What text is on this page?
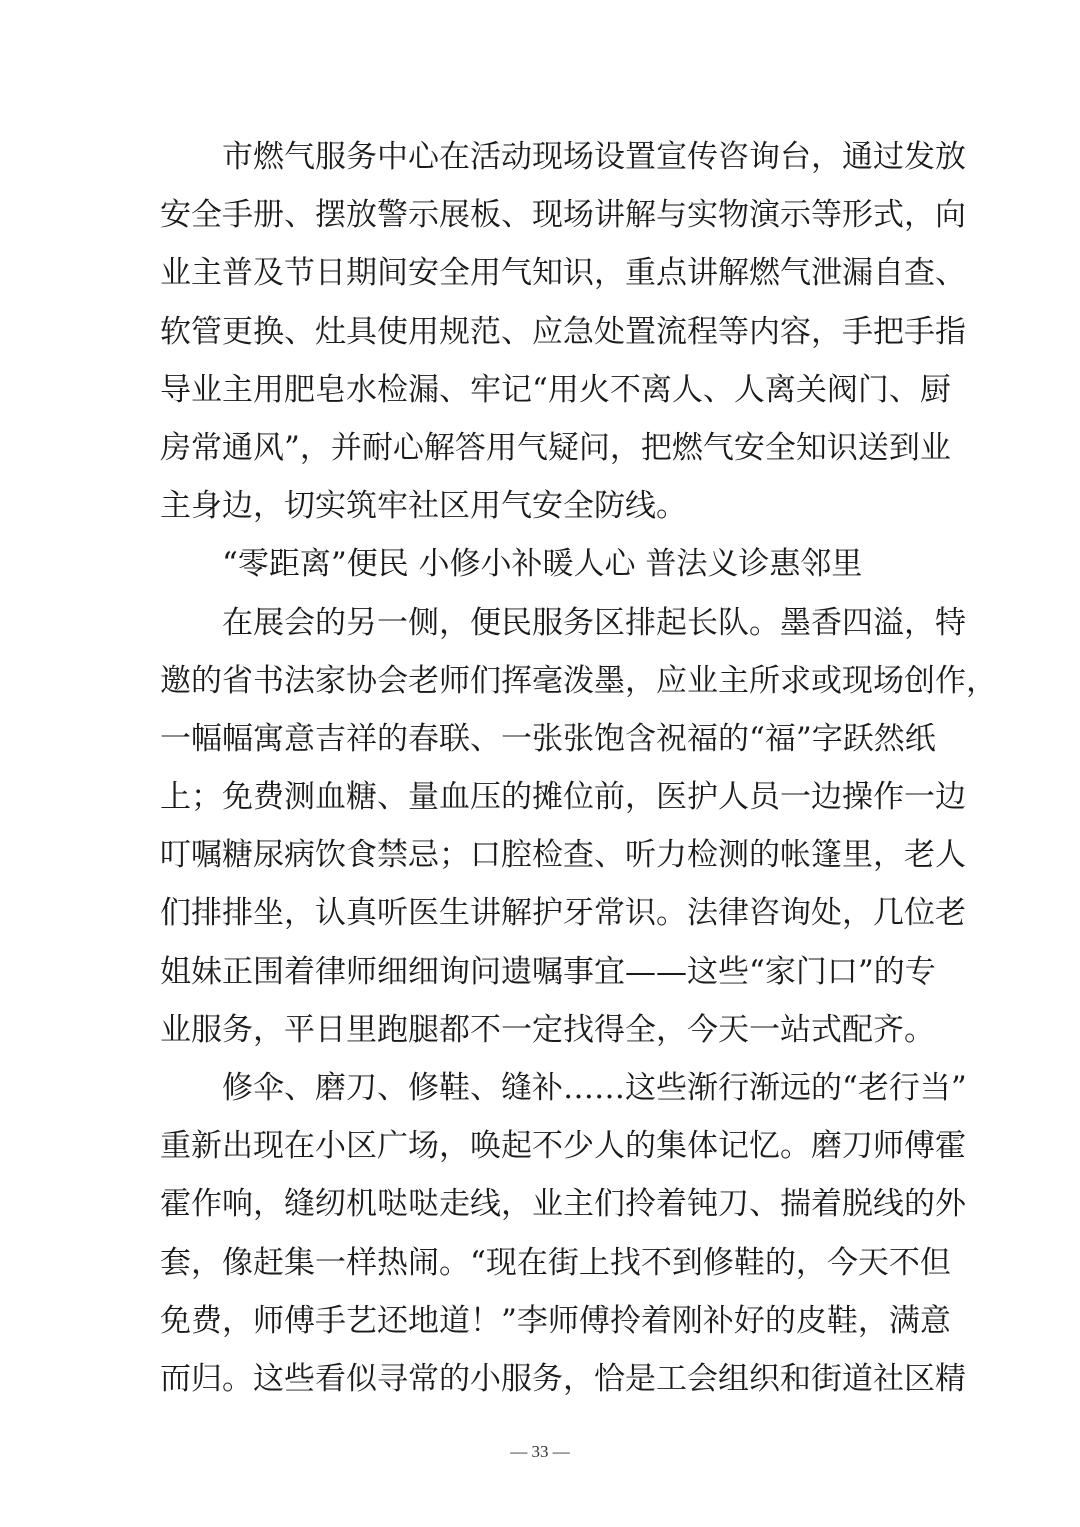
市燃气服务中心在活动现场设置宣传咨询台，通过发放
安全手册、摆放警示展板、现场讲解与实物演示等形式，向
业主普及节日期间安全用气知识，重点讲解燃气泄漏自查、
软管更换、灶具使用规范、应急处置流程等内容，手把手指
导业主用肥皂水检漏、牢记“用火不离人、人离关阀门、厨
房常通风”，并耐心解答用气疑问，把燃气安全知识送到业
主身边，切实筑牢社区用气安全防线。
“零距离”便民 小修小补暖人心 普法义诊惠邻里
在展会的另一侧，便民服务区排起长队。墨香四溢，特
邀的省书法家协会老师们挥毫泼墨，应业主所求或现场创作，
一幅幅寓意吉祥的春联、一张张饱含祝福的“福”字跃然纸
上；免费测血糖、量血压的摊位前，医护人员一边操作一边
叮嘱糖尿病饮食禁忌；口腔检查、听力检测的帐篷里，老人
们排排坐，认真听医生讲解护牙常识。法律咨询处，几位老
姐妹正围着律师细细询问遗嘱事宜——这些“家门口”的专
业服务，平日里跑腿都不一定找得全，今天一站式配齐。
修伞、磨刀、修鞋、缝补……这些渐行渐远的“老行当”
重新出现在小区广场，唤起不少人的集体记忆。磨刀师傅霍
霍作响，缝纫机哒哒走线，业主们拎着钝刀、揣着脱线的外
套，像赶集一样热闹。“现在街上找不到修鞋的，今天不但
免费，师傅手艺还地道！”李师傅拎着刚补好的皮鞋，满意
而归。这些看似寻常的小服务，恰是工会组织和街道社区精
— 33 —
